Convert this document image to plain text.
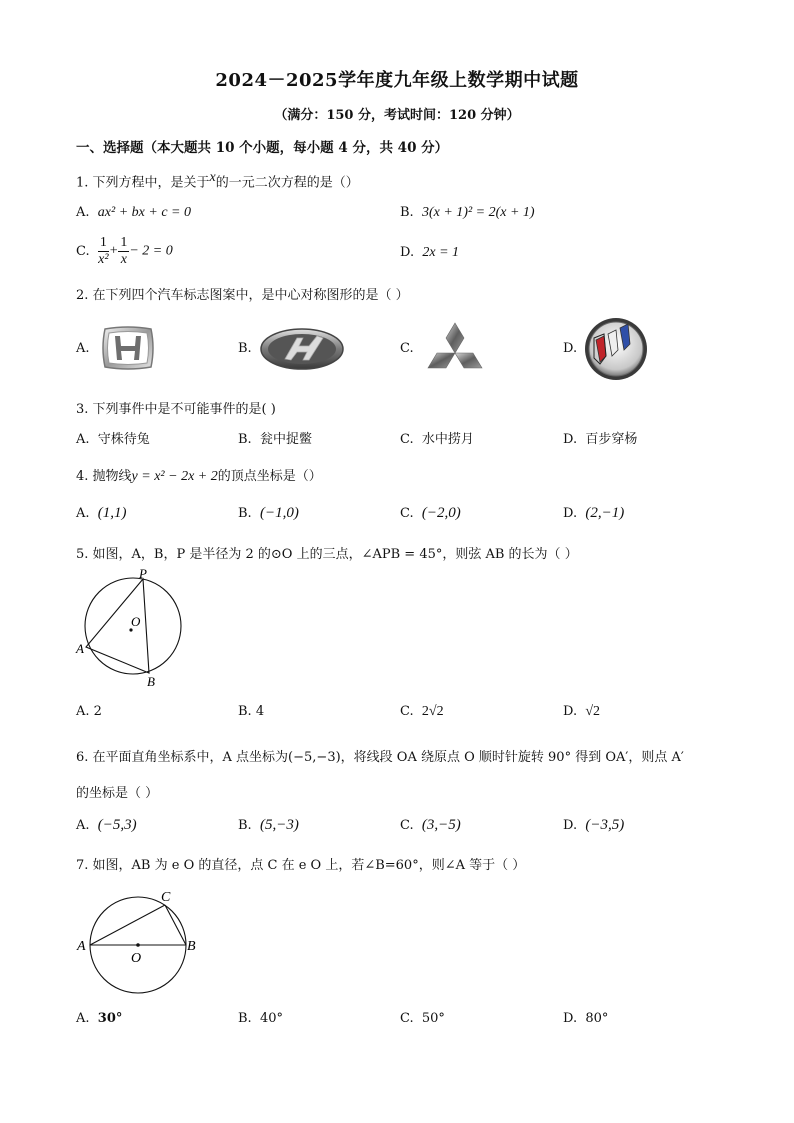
2024－2025学年度九年级上数学期中试题
（满分：150 分，考试时间：120 分钟）
一、选择题（本大题共 10 个小题，每小题 4 分，共 40 分）
1. 下列方程中，是关于$^x$的一元二次方程的是（）
A. ax² + bx + c = 0	B. 3(x + 1)² = 2(x + 1)
C. $\frac{1}{\text{x²}} + \frac{1}{x} - 2 = 0$	D. 2x = 1
2. 在下列四个汽车标志图案中，是中心对称图形的是（ ）
A.	B.	C.	D.
3. 下列事件中是不可能事件的是( )
A. 守株待兔	B. 瓮中捉鳖	C. 水中捞月	D. 百步穿杨
4. 抛物线y = x² − 2x + 2的顶点坐标是（）
A. (1,1)	B. (−1,0)	C. (−2,0)	D. (2,−1)
5. 如图，A，B，P 是半径为 2 的⊙O 上的三点，∠APB = 45°，则弦 AB 的长为（ ）
P
O
A
B
A. 2	B. 4	C. 2√2	D. √2
6. 在平面直角坐标系中，A 点坐标为(−5,−3)，将线段 OA 绕原点 O 顺时针旋转 90° 得到 OA′，则点 A′
的坐标是（ ）
A. (−5,3)	B. (5,−3)	C. (3,−5)	D. (−3,5)
7. 如图，AB 为 e O 的直径，点 C 在 e O 上，若∠B=60°，则∠A 等于（ ）
C
A	B
O
A. 30°	B. 40°	C. 50°	D. 80°
